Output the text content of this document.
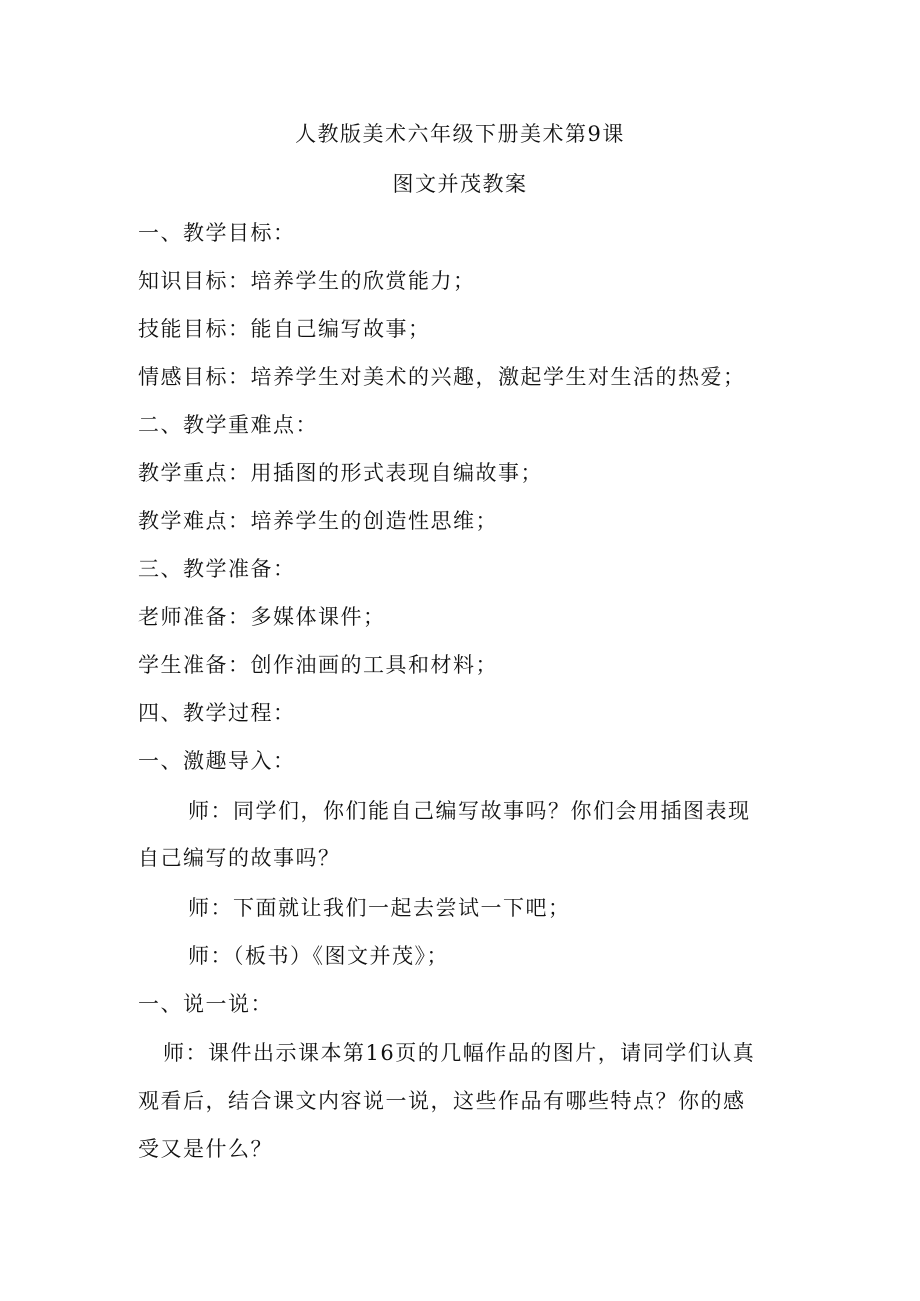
人教版美术六年级下册美术第9课
图文并茂教案
一、教学目标：
知识目标：培养学生的欣赏能力；
技能目标：能自己编写故事；
情感目标：培养学生对美术的兴趣，激起学生对生活的热爱；
二、教学重难点：
教学重点：用插图的形式表现自编故事；
教学难点：培养学生的创造性思维；
三、教学准备：
老师准备：多媒体课件；
学生准备：创作油画的工具和材料；
四、教学过程：
一、激趣导入：
师：同学们，你们能自己编写故事吗？你们会用插图表现
自己编写的故事吗？
师：下面就让我们一起去尝试一下吧；
师：（板书）《图文并茂》；
一、说一说：
师：课件出示课本第16页的几幅作品的图片，请同学们认真
观看后，结合课文内容说一说，这些作品有哪些特点？你的感
受又是什么？
